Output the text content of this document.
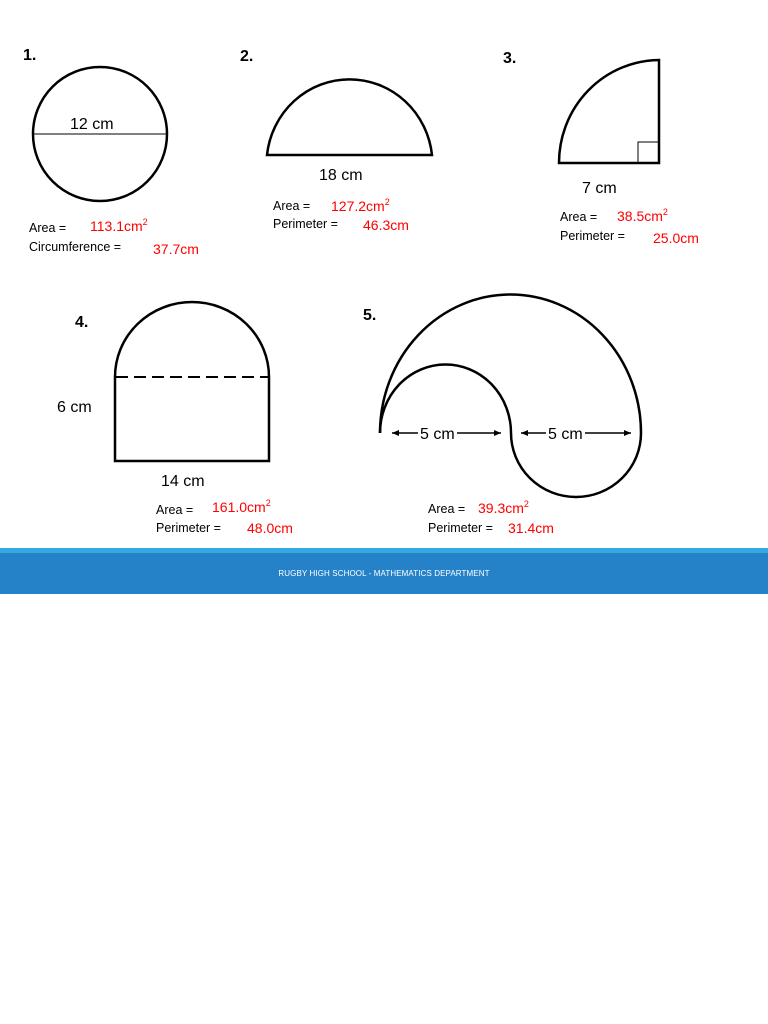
1.
12 cm
Area = $113.1cm^2$
Circumference = 37.7cm
2.
18 cm
Area = $127.2cm^2$
Perimeter = 46.3cm
3.
7 cm
Area = $38.5cm^2$
Perimeter = 25.0cm
4.
6 cm
14 cm
Area = $161.0cm^2$
Perimeter = 48.0cm
5.
5 cm	5 cm
Area = $39.3cm^2$
Perimeter = 31.4cm
RUGBY HIGH SCHOOL - MATHEMATICS DEPARTMENT
